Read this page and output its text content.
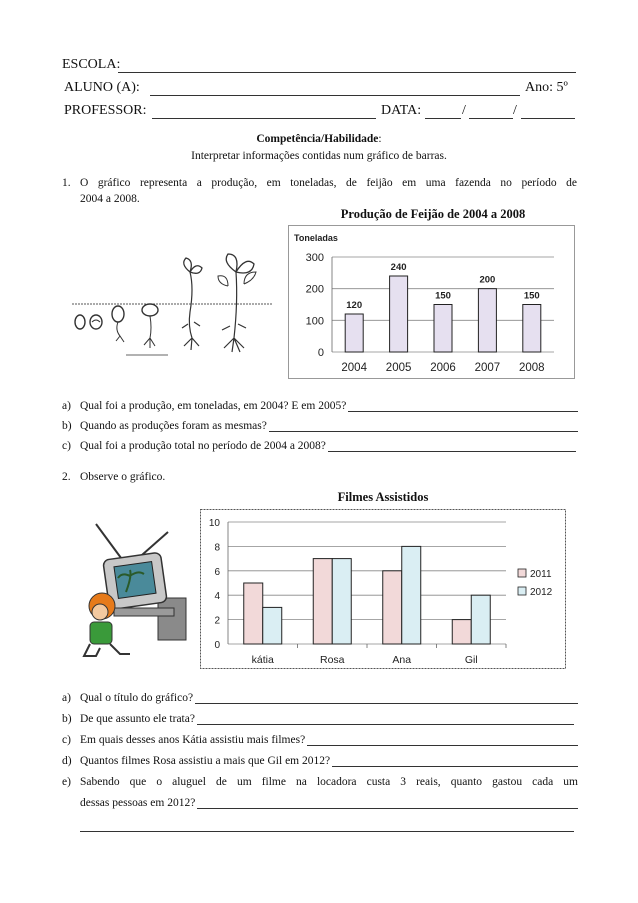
ESCOLA:
ALUNO (A):	Ano: 5º
PROFESSOR:	DATA:	/	/
Competência/Habilidade:
Interpretar informações contidas num gráfico de barras.
1. O gráfico representa a produção, em toneladas, de feijão em uma fazenda no período de
2004 a 2008.
Produção de Feijão de 2004 a 2008
Toneladas
0
100
200
300
120
2004
240
2005
150
2006
200
2007
150
2008
a) Qual foi a produção, em toneladas, em 2004? E em 2005?
b) Quando as produções foram as mesmas?
c) Qual foi a produção total no período de 2004 a 2008?
2. Observe o gráfico.
Filmes Assistidos
0
2
4
6
8
10
kátia	Rosa	Ana	Gil
2011
2012
a) Qual o título do gráfico?
b) De que assunto ele trata?
c) Em quais desses anos Kátia assistiu mais filmes?
d) Quantos filmes Rosa assistiu a mais que Gil em 2012?
e) Sabendo que o aluguel de um filme na locadora custa 3 reais, quanto gastou cada um
dessas pessoas em 2012?
